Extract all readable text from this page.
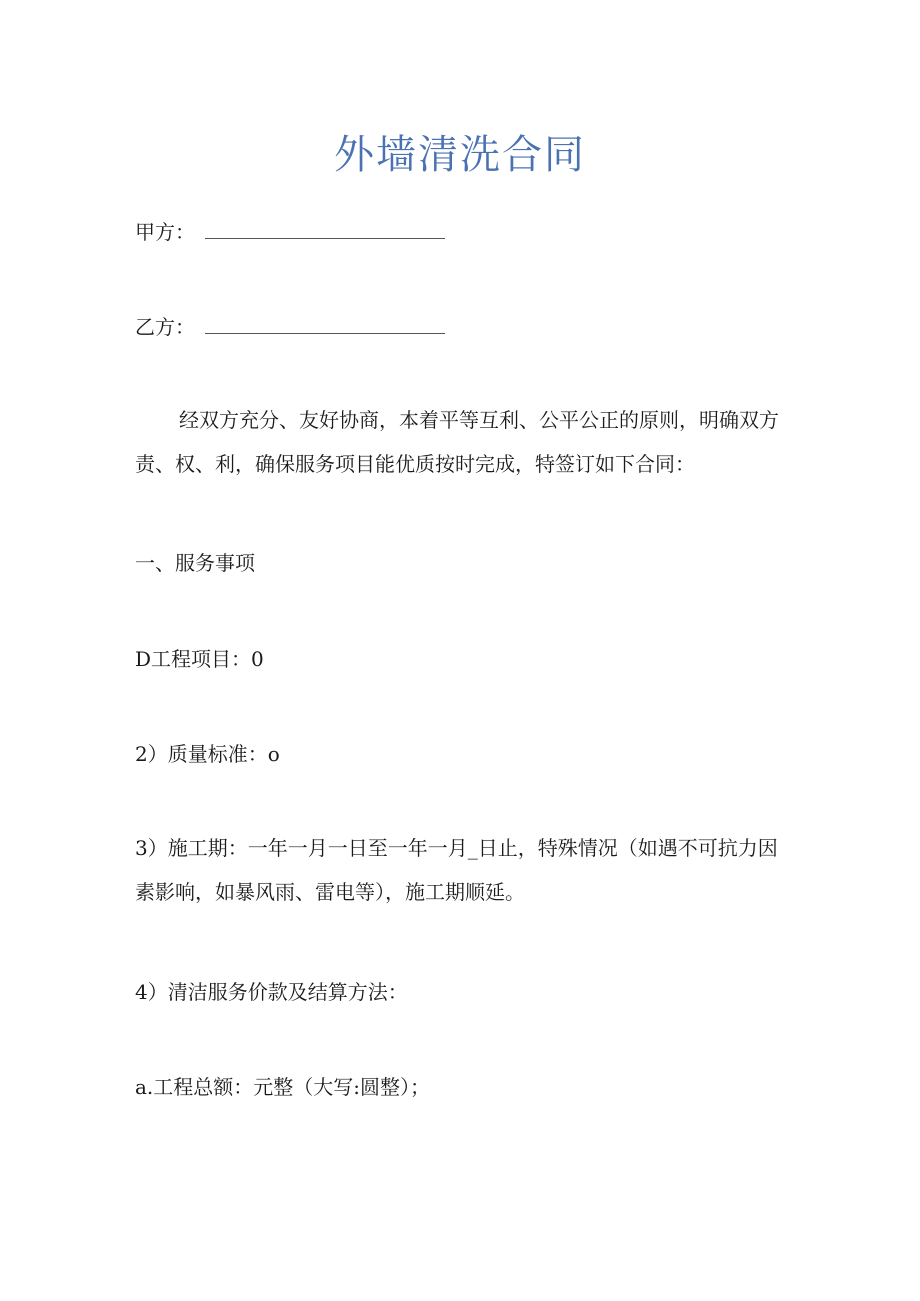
外墙清洗合同
甲方：
乙方：
经双方充分、友好协商，本着平等互利、公平公正的原则，明确双方责、权、利，确保服务项目能优质按时完成，特签订如下合同：
一、服务事项
D工程项目：0
2）质量标准：o
3）施工期：一年一月一日至一年一月_日止，特殊情况（如遇不可抗力因素影响，如暴风雨、雷电等），施工期顺延。
4）清洁服务价款及结算方法：
a.工程总额：元整（大写:圆整）；
